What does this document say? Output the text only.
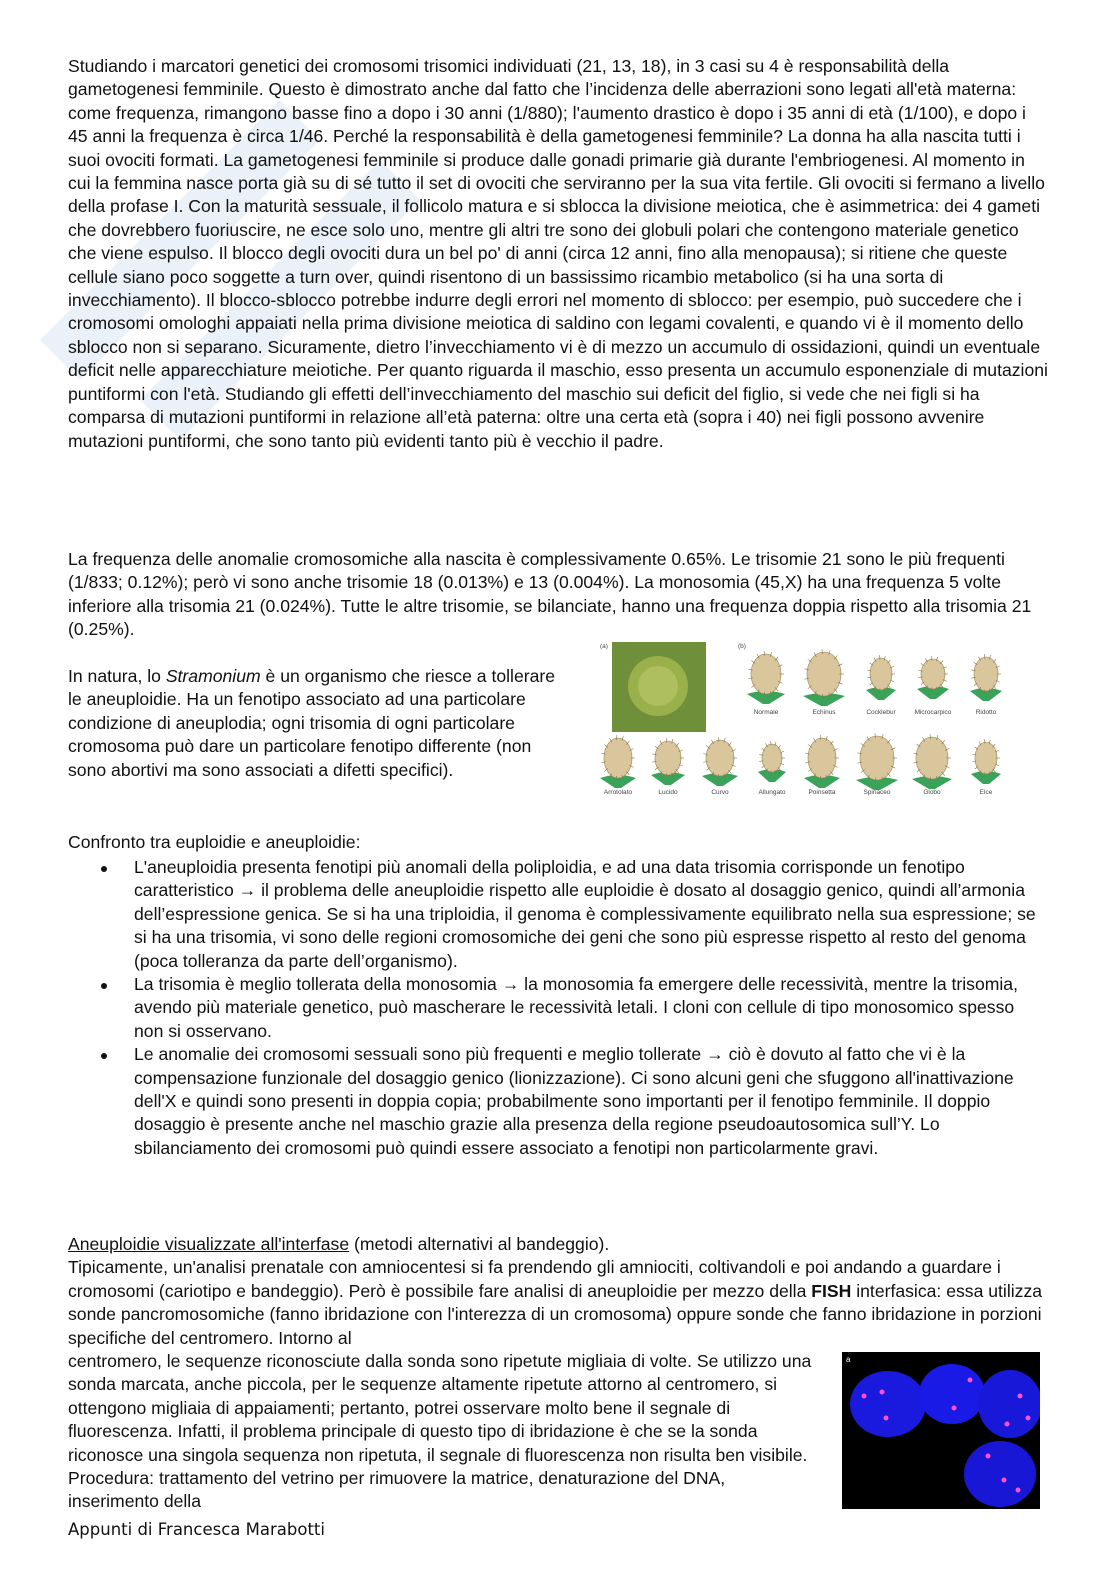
Studiando i marcatori genetici dei cromosomi trisomici individuati (21, 13, 18), in 3 casi su 4 è responsabilità della gametogenesi femminile. Questo è dimostrato anche dal fatto che l’incidenza delle aberrazioni sono legati all'età materna: come frequenza, rimangono basse fino a dopo i 30 anni (1/880); l'aumento drastico è dopo i 35 anni di età (1/100), e dopo i 45 anni la frequenza è circa 1/46. Perché la responsabilità è della gametogenesi femminile? La donna ha alla nascita tutti i suoi ovociti formati. La gametogenesi femminile si produce dalle gonadi primarie già durante l'embriogenesi. Al momento in cui la femmina nasce porta già su di sé tutto il set di ovociti che serviranno per la sua vita fertile. Gli ovociti si fermano a livello della profase I. Con la maturità sessuale, il follicolo matura e si sblocca la divisione meiotica, che è asimmetrica: dei 4 gameti che dovrebbero fuoriuscire, ne esce solo uno, mentre gli altri tre sono dei globuli polari che contengono materiale genetico che viene espulso. Il blocco degli ovociti dura un bel po' di anni (circa 12 anni, fino alla menopausa); si ritiene che queste cellule siano poco soggette a turn over, quindi risentono di un bassissimo ricambio metabolico (si ha una sorta di invecchiamento). Il blocco-sblocco potrebbe indurre degli errori nel momento di sblocco: per esempio, può succedere che i cromosomi omologhi appaiati nella prima divisione meiotica di saldino con legami covalenti, e quando vi è il momento dello sblocco non si separano. Sicuramente, dietro l’invecchiamento vi è di mezzo un accumulo di ossidazioni, quindi un eventuale deficit nelle apparecchiature meiotiche. Per quanto riguarda il maschio, esso presenta un accumulo esponenziale di mutazioni puntiformi con l'età. Studiando gli effetti dell’invecchiamento del maschio sui deficit del figlio, si vede che nei figli si ha comparsa di mutazioni puntiformi in relazione all’età paterna: oltre una certa età (sopra i 40) nei figli possono avvenire mutazioni puntiformi, che sono tanto più evidenti tanto più è vecchio il padre.

La frequenza delle anomalie cromosomiche alla nascita è complessivamente 0.65%. Le trisomie 21 sono le più frequenti (1/833; 0.12%); però vi sono anche trisomie 18 (0.013%) e 13 (0.004%). La monosomia (45,X) ha una frequenza 5 volte inferiore alla trisomia 21 (0.024%). Tutte le altre trisomie, se bilanciate, hanno una frequenza doppia rispetto alla trisomia 21 (0.25%).

In natura, lo Stramonium è un organismo che riesce a tollerare le aneuploidie. Ha un fenotipo associato ad una particolare condizione di aneuplodia; ogni trisomia di ogni particolare cromosoma può dare un particolare fenotipo differente (non sono abortivi ma sono associati a difetti specifici).

(a)	(b)
Normale	Echinus	Cocklebur	Microcarpico	Ridotto
Arrotolato	Lucido	Curvo	Allungato	Poinsetta	Spinaceo	Globo	Elce

Confronto tra euploidie e aneuploidie:

L'aneuploidia presenta fenotipi più anomali della poliploidia, e ad una data trisomia corrisponde un fenotipo caratteristico → il problema delle aneuploidie rispetto alle euploidie è dosato al dosaggio genico, quindi all’armonia dell’espressione genica. Se si ha una triploidia, il genoma è complessivamente equilibrato nella sua espressione; se si ha una trisomia, vi sono delle regioni cromosomiche dei geni che sono più espresse rispetto al resto del genoma (poca tolleranza da parte dell’organismo).
La trisomia è meglio tollerata della monosomia → la monosomia fa emergere delle recessività, mentre la trisomia, avendo più materiale genetico, può mascherare le recessività letali. I cloni con cellule di tipo monosomico spesso non si osservano.
Le anomalie dei cromosomi sessuali sono più frequenti e meglio tollerate → ciò è dovuto al fatto che vi è la compensazione funzionale del dosaggio genico (lionizzazione). Ci sono alcuni geni che sfuggono all'inattivazione dell'X e quindi sono presenti in doppia copia; probabilmente sono importanti per il fenotipo femminile. Il doppio dosaggio è presente anche nel maschio grazie alla presenza della regione pseudoautosomica sull’Y. Lo sbilanciamento dei cromosomi può quindi essere associato a fenotipi non particolarmente gravi.

Aneuploidie visualizzate all'interfase (metodi alternativi al bandeggio).
Tipicamente, un'analisi prenatale con amniocentesi si fa prendendo gli amniociti, coltivandoli e poi andando a guardare i cromosomi (cariotipo e bandeggio). Però è possibile fare analisi di aneuploidie per mezzo della FISH interfasica: essa utilizza sonde pancromosomiche (fanno ibridazione con l'interezza di un cromosoma) oppure sonde che fanno ibridazione in porzioni specifiche del centromero. Intorno al
centromero, le sequenze riconosciute dalla sonda sono ripetute migliaia di volte. Se utilizzo una sonda marcata, anche piccola, per le sequenze altamente ripetute attorno al centromero, si ottengono migliaia di appaiamenti; pertanto, potrei osservare molto bene il segnale di fluorescenza. Infatti, il problema principale di questo tipo di ibridazione è che se la sonda riconosce una singola sequenza non ripetuta, il segnale di fluorescenza non risulta ben visibile. Procedura: trattamento del vetrino per rimuovere la matrice, denaturazione del DNA, inserimento della

a
Appunti di Francesca Marabotti
